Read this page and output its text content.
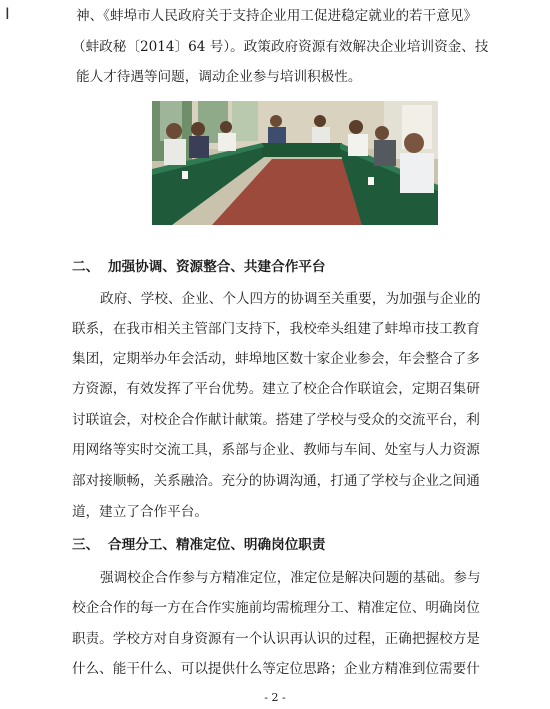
Ⅰ	神、《蚌埠市人民政府关于支持企业用工促进稳定就业的若干意见》
（蚌政秘〔2014〕64 号）。政策政府资源有效解决企业培训资金、技
能人才待遇等问题，调动企业参与培训积极性。
二、 加强协调、资源整合、共建合作平台
政府、学校、企业、个人四方的协调至关重要，为加强与企业的
联系，在我市相关主管部门支持下，我校牵头组建了蚌埠市技工教育
集团，定期举办年会活动，蚌埠地区数十家企业参会，年会整合了多
方资源，有效发挥了平台优势。建立了校企合作联谊会，定期召集研
讨联谊会，对校企合作献计献策。搭建了学校与受众的交流平台，利
用网络等实时交流工具，系部与企业、教师与车间、处室与人力资源
部对接顺畅，关系融洽。充分的协调沟通，打通了学校与企业之间通
道，建立了合作平台。
三、 合理分工、精准定位、明确岗位职责
强调校企合作参与方精准定位，准定位是解决问题的基础。参与
校企合作的每一方在合作实施前均需梳理分工、精准定位、明确岗位
职责。学校方对自身资源有一个认识再认识的过程，正确把握校方是
什么、能干什么、可以提供什么等定位思路；企业方精准到位需要什
- 2 -
